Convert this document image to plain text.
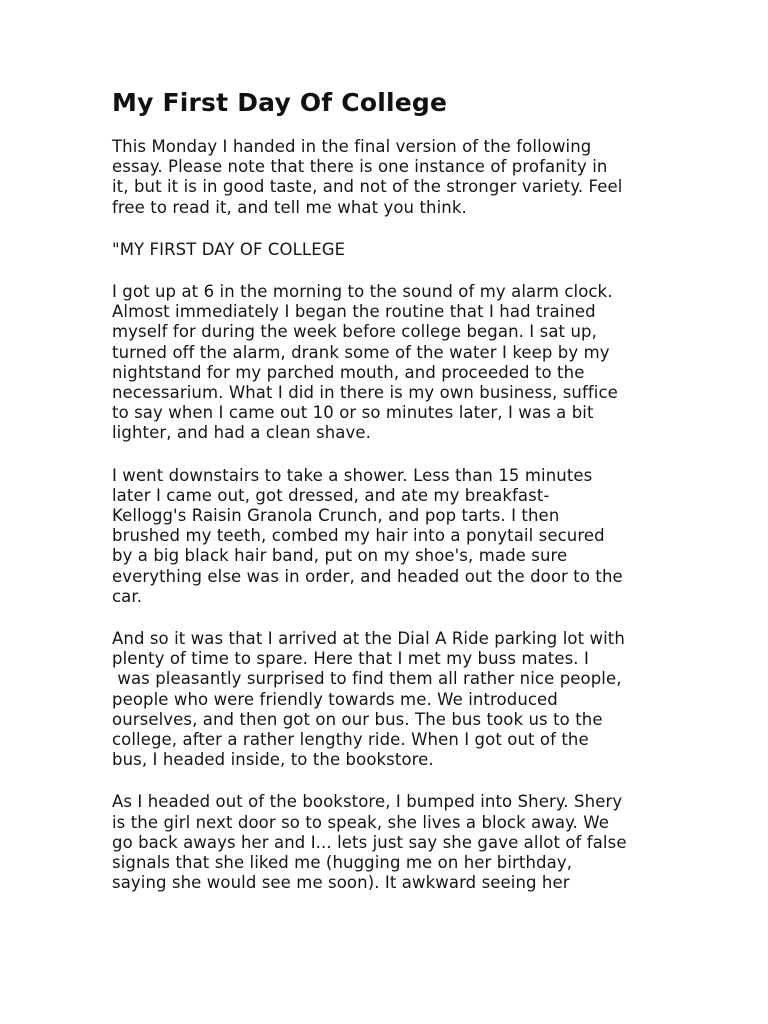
My First Day Of College
This Monday I handed in the final version of the following
essay. Please note that there is one instance of profanity in
it, but it is in good taste, and not of the stronger variety. Feel
free to read it, and tell me what you think.
"MY FIRST DAY OF COLLEGE
I got up at 6 in the morning to the sound of my alarm clock.
Almost immediately I began the routine that I had trained
myself for during the week before college began. I sat up,
turned off the alarm, drank some of the water I keep by my
nightstand for my parched mouth, and proceeded to the
necessarium. What I did in there is my own business, suffice
to say when I came out 10 or so minutes later, I was a bit
lighter, and had a clean shave.
I went downstairs to take a shower. Less than 15 minutes
later I came out, got dressed, and ate my breakfast-
Kellogg's Raisin Granola Crunch, and pop tarts. I then
brushed my teeth, combed my hair into a ponytail secured
by a big black hair band, put on my shoe's, made sure
everything else was in order, and headed out the door to the
car.
And so it was that I arrived at the Dial A Ride parking lot with
plenty of time to spare. Here that I met my buss mates. I
was pleasantly surprised to find them all rather nice people,
people who were friendly towards me. We introduced
ourselves, and then got on our bus. The bus took us to the
college, after a rather lengthy ride. When I got out of the
bus, I headed inside, to the bookstore.
As I headed out of the bookstore, I bumped into Shery. Shery
is the girl next door so to speak, she lives a block away. We
go back aways her and I... lets just say she gave allot of false
signals that she liked me (hugging me on her birthday,
saying she would see me soon). It awkward seeing her
